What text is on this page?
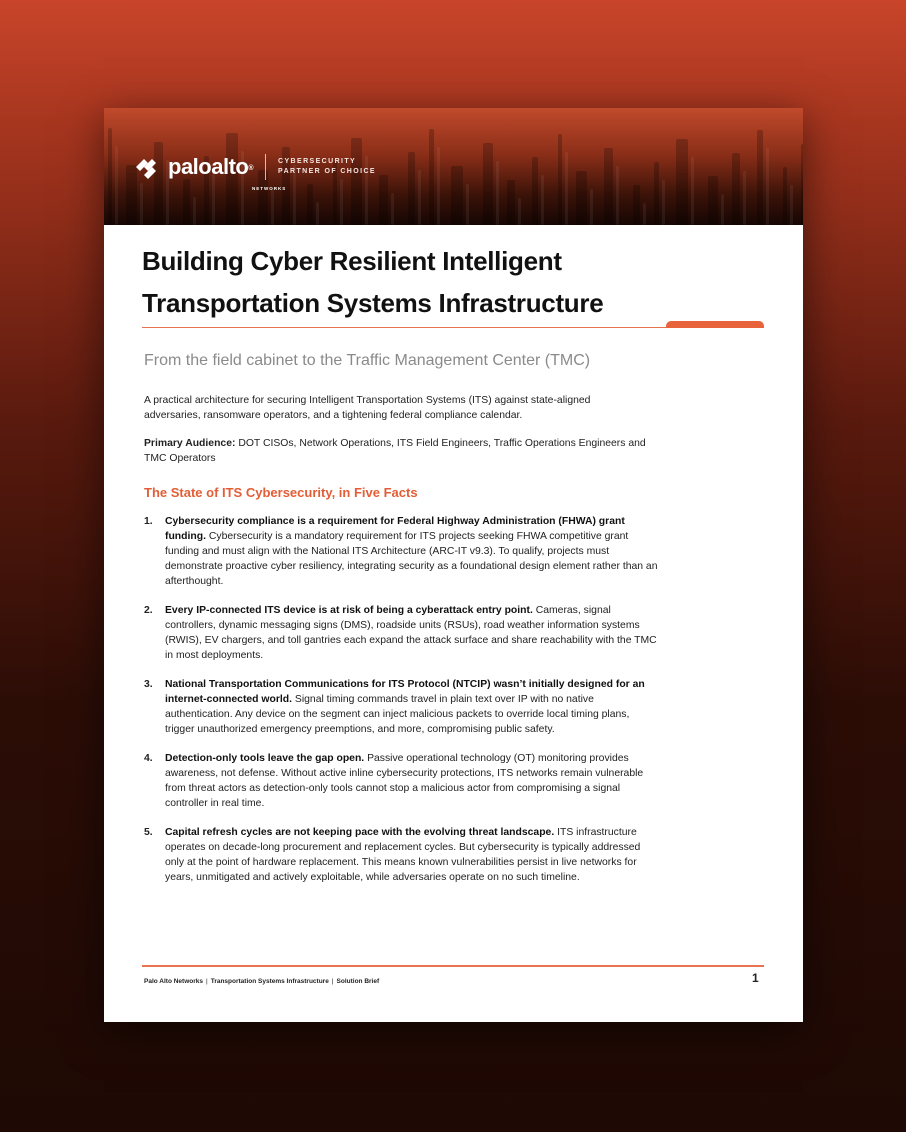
paloalto®
NETWORKS
CYBERSECURITY
PARTNER OF CHOICE
Building Cyber Resilient Intelligent
Transportation Systems Infrastructure
From the field cabinet to the Traffic Management Center (TMC)
A practical architecture for securing Intelligent Transportation Systems (ITS) against state-aligned adversaries, ransomware operators, and a tightening federal compliance calendar.
Primary Audience: DOT CISOs, Network Operations, ITS Field Engineers, Traffic Operations Engineers and TMC Operators
The State of ITS Cybersecurity, in Five Facts
1. Cybersecurity compliance is a requirement for Federal Highway Administration (FHWA) grant funding. Cybersecurity is a mandatory requirement for ITS projects seeking FHWA competitive grant funding and must align with the National ITS Architecture (ARC-IT v9.3). To qualify, projects must demonstrate proactive cyber resiliency, integrating security as a foundational design element rather than an afterthought.
2. Every IP-connected ITS device is at risk of being a cyberattack entry point. Cameras, signal controllers, dynamic messaging signs (DMS), roadside units (RSUs), road weather information systems (RWIS), EV chargers, and toll gantries each expand the attack surface and share reachability with the TMC in most deployments.
3. National Transportation Communications for ITS Protocol (NTCIP) wasn’t initially designed for an internet-connected world. Signal timing commands travel in plain text over IP with no native authentication. Any device on the segment can inject malicious packets to override local timing plans, trigger unauthorized emergency preemptions, and more, compromising public safety.
4. Detection-only tools leave the gap open. Passive operational technology (OT) monitoring provides awareness, not defense. Without active inline cybersecurity protections, ITS networks remain vulnerable from threat actors as detection-only tools cannot stop a malicious actor from compromising a signal controller in real time.
5. Capital refresh cycles are not keeping pace with the evolving threat landscape. ITS infrastructure operates on decade-long procurement and replacement cycles. But cybersecurity is typically addressed only at the point of hardware replacement. This means known vulnerabilities persist in live networks for years, unmitigated and actively exploitable, while adversaries operate on no such timeline.
Palo Alto Networks | Transportation Systems Infrastructure | Solution Brief	1
